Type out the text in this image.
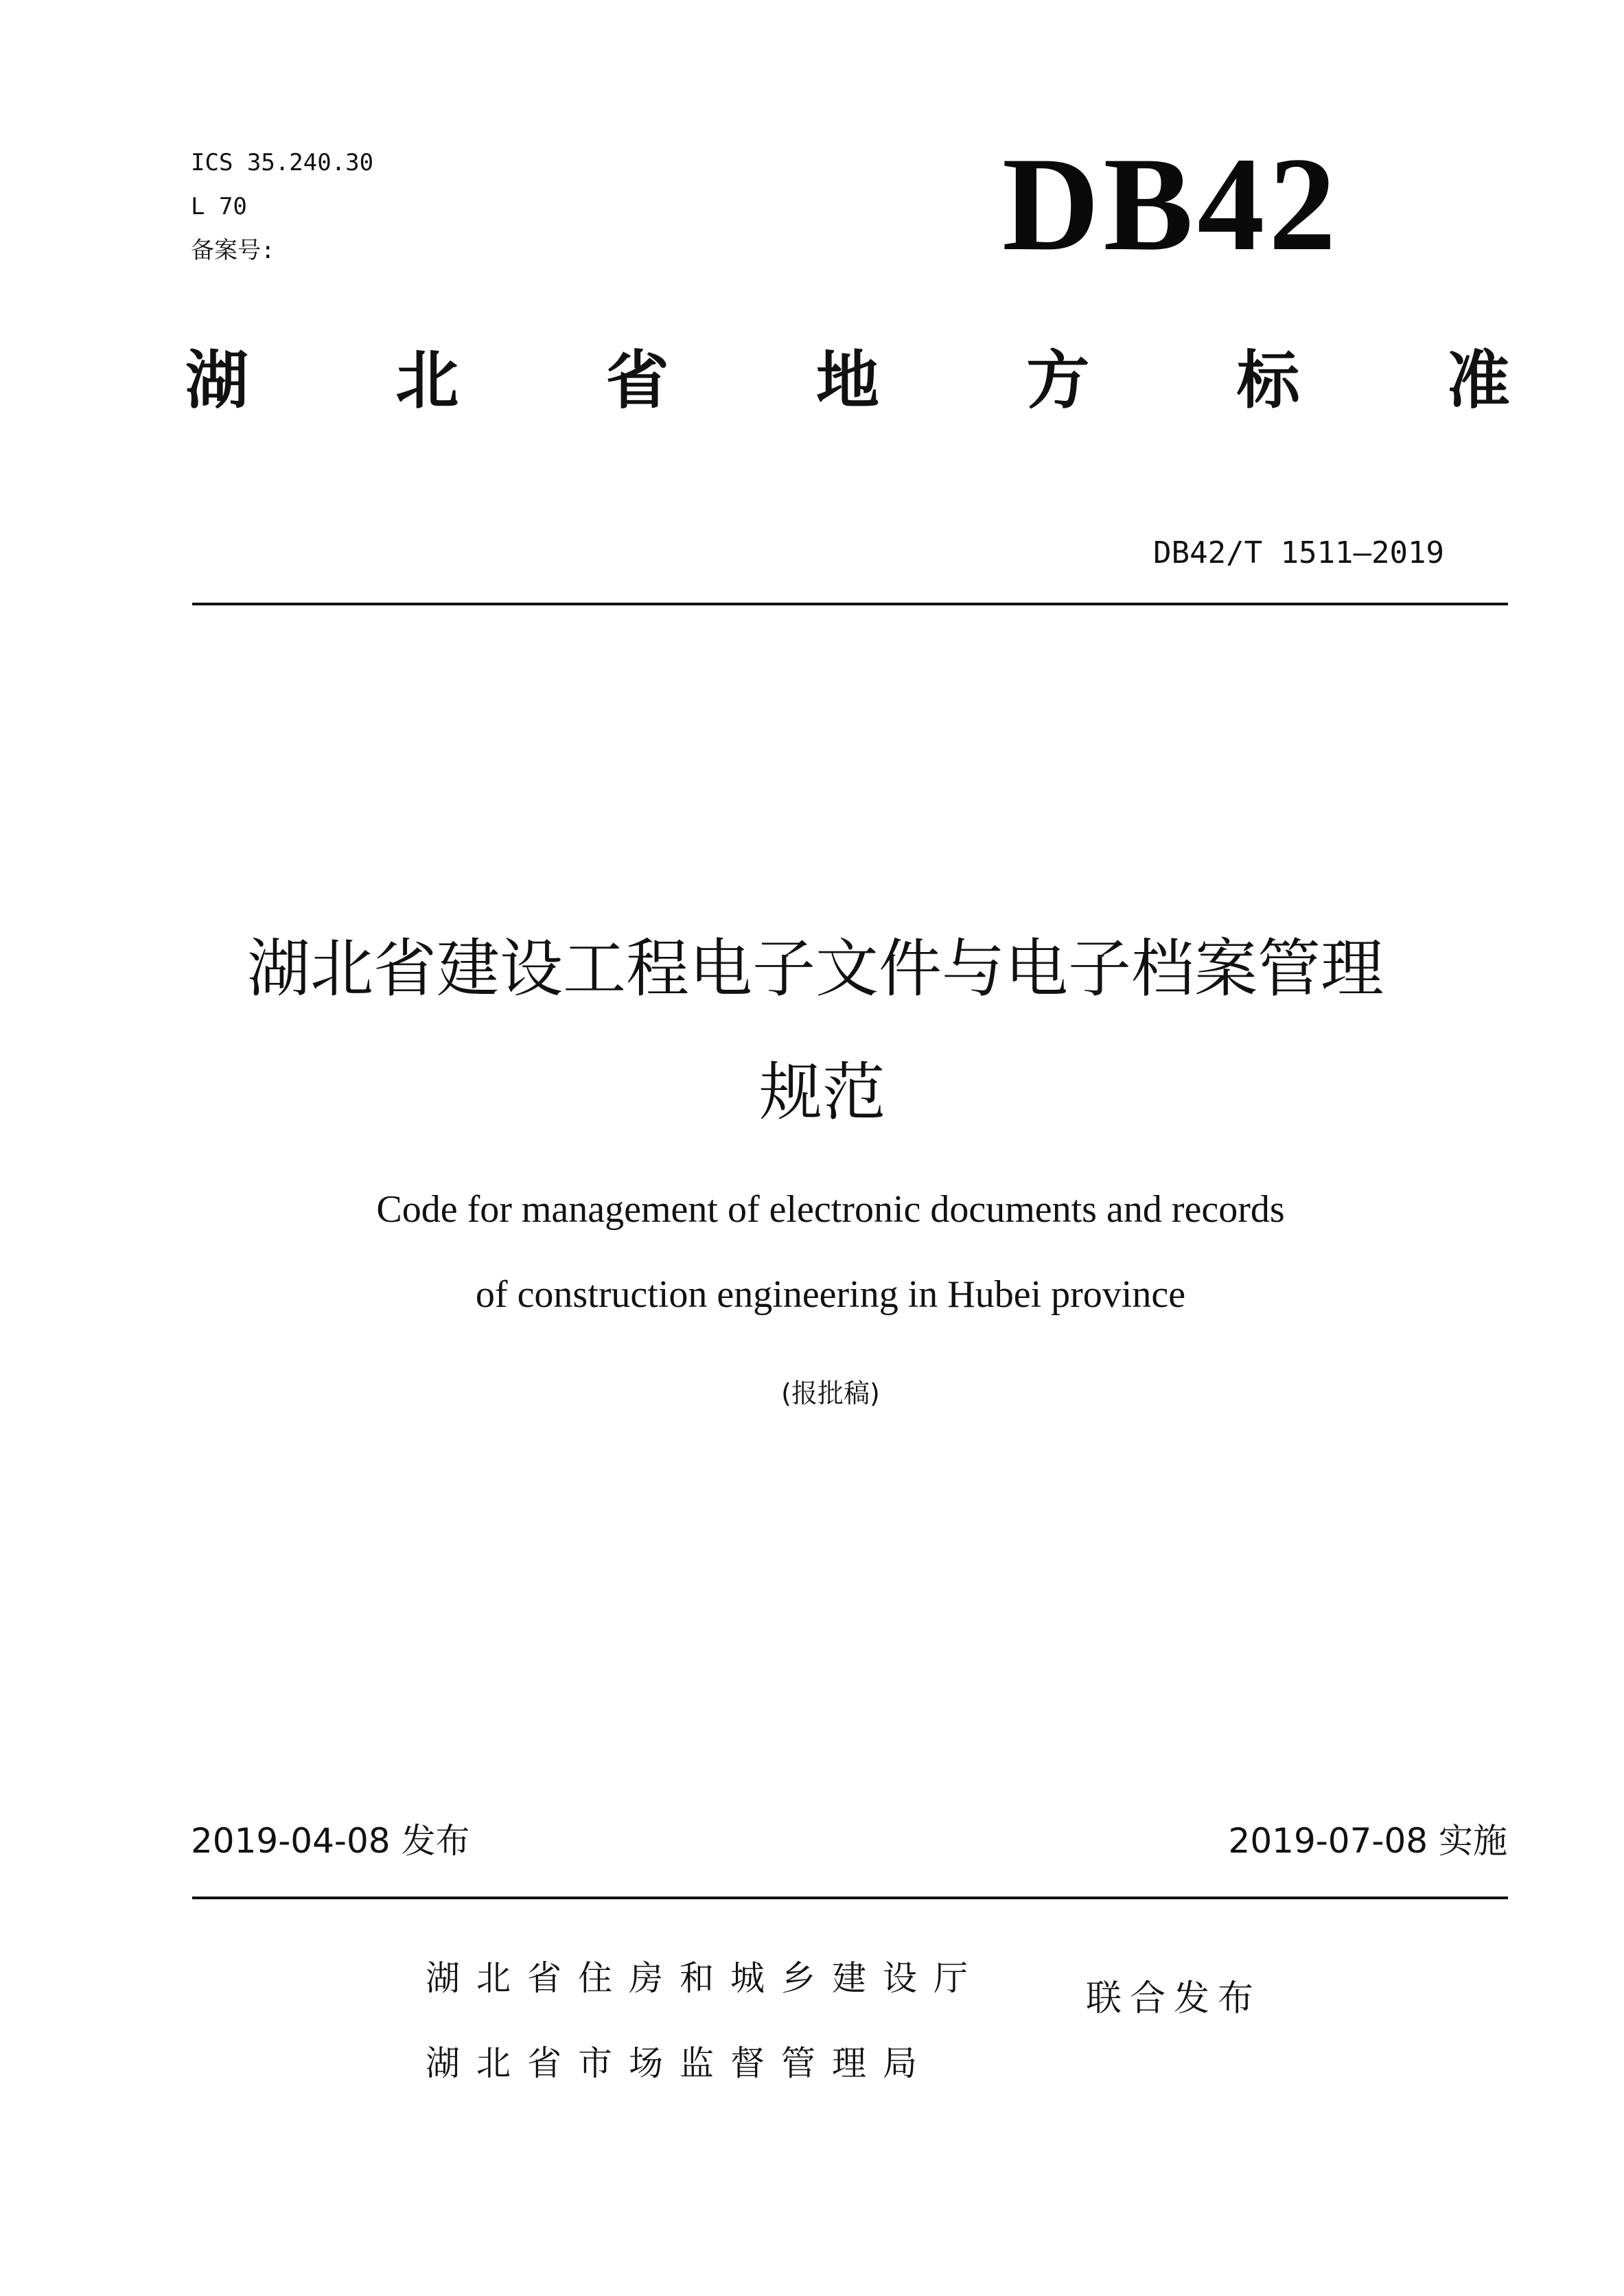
ICS 35.240.30
L 70
备案号:	DB42
湖 北 省 地 方 标 准
DB42/T 1511—2019
湖北省建设工程电子文件与电子档案管理
规范
Code for management of electronic documents and records
of construction engineering in Hubei province
(报批稿)
2019-04-08 发布	2019-07-08 实施
湖北省住房和城乡建设厅
湖北省市场监督管理局
联合发布
